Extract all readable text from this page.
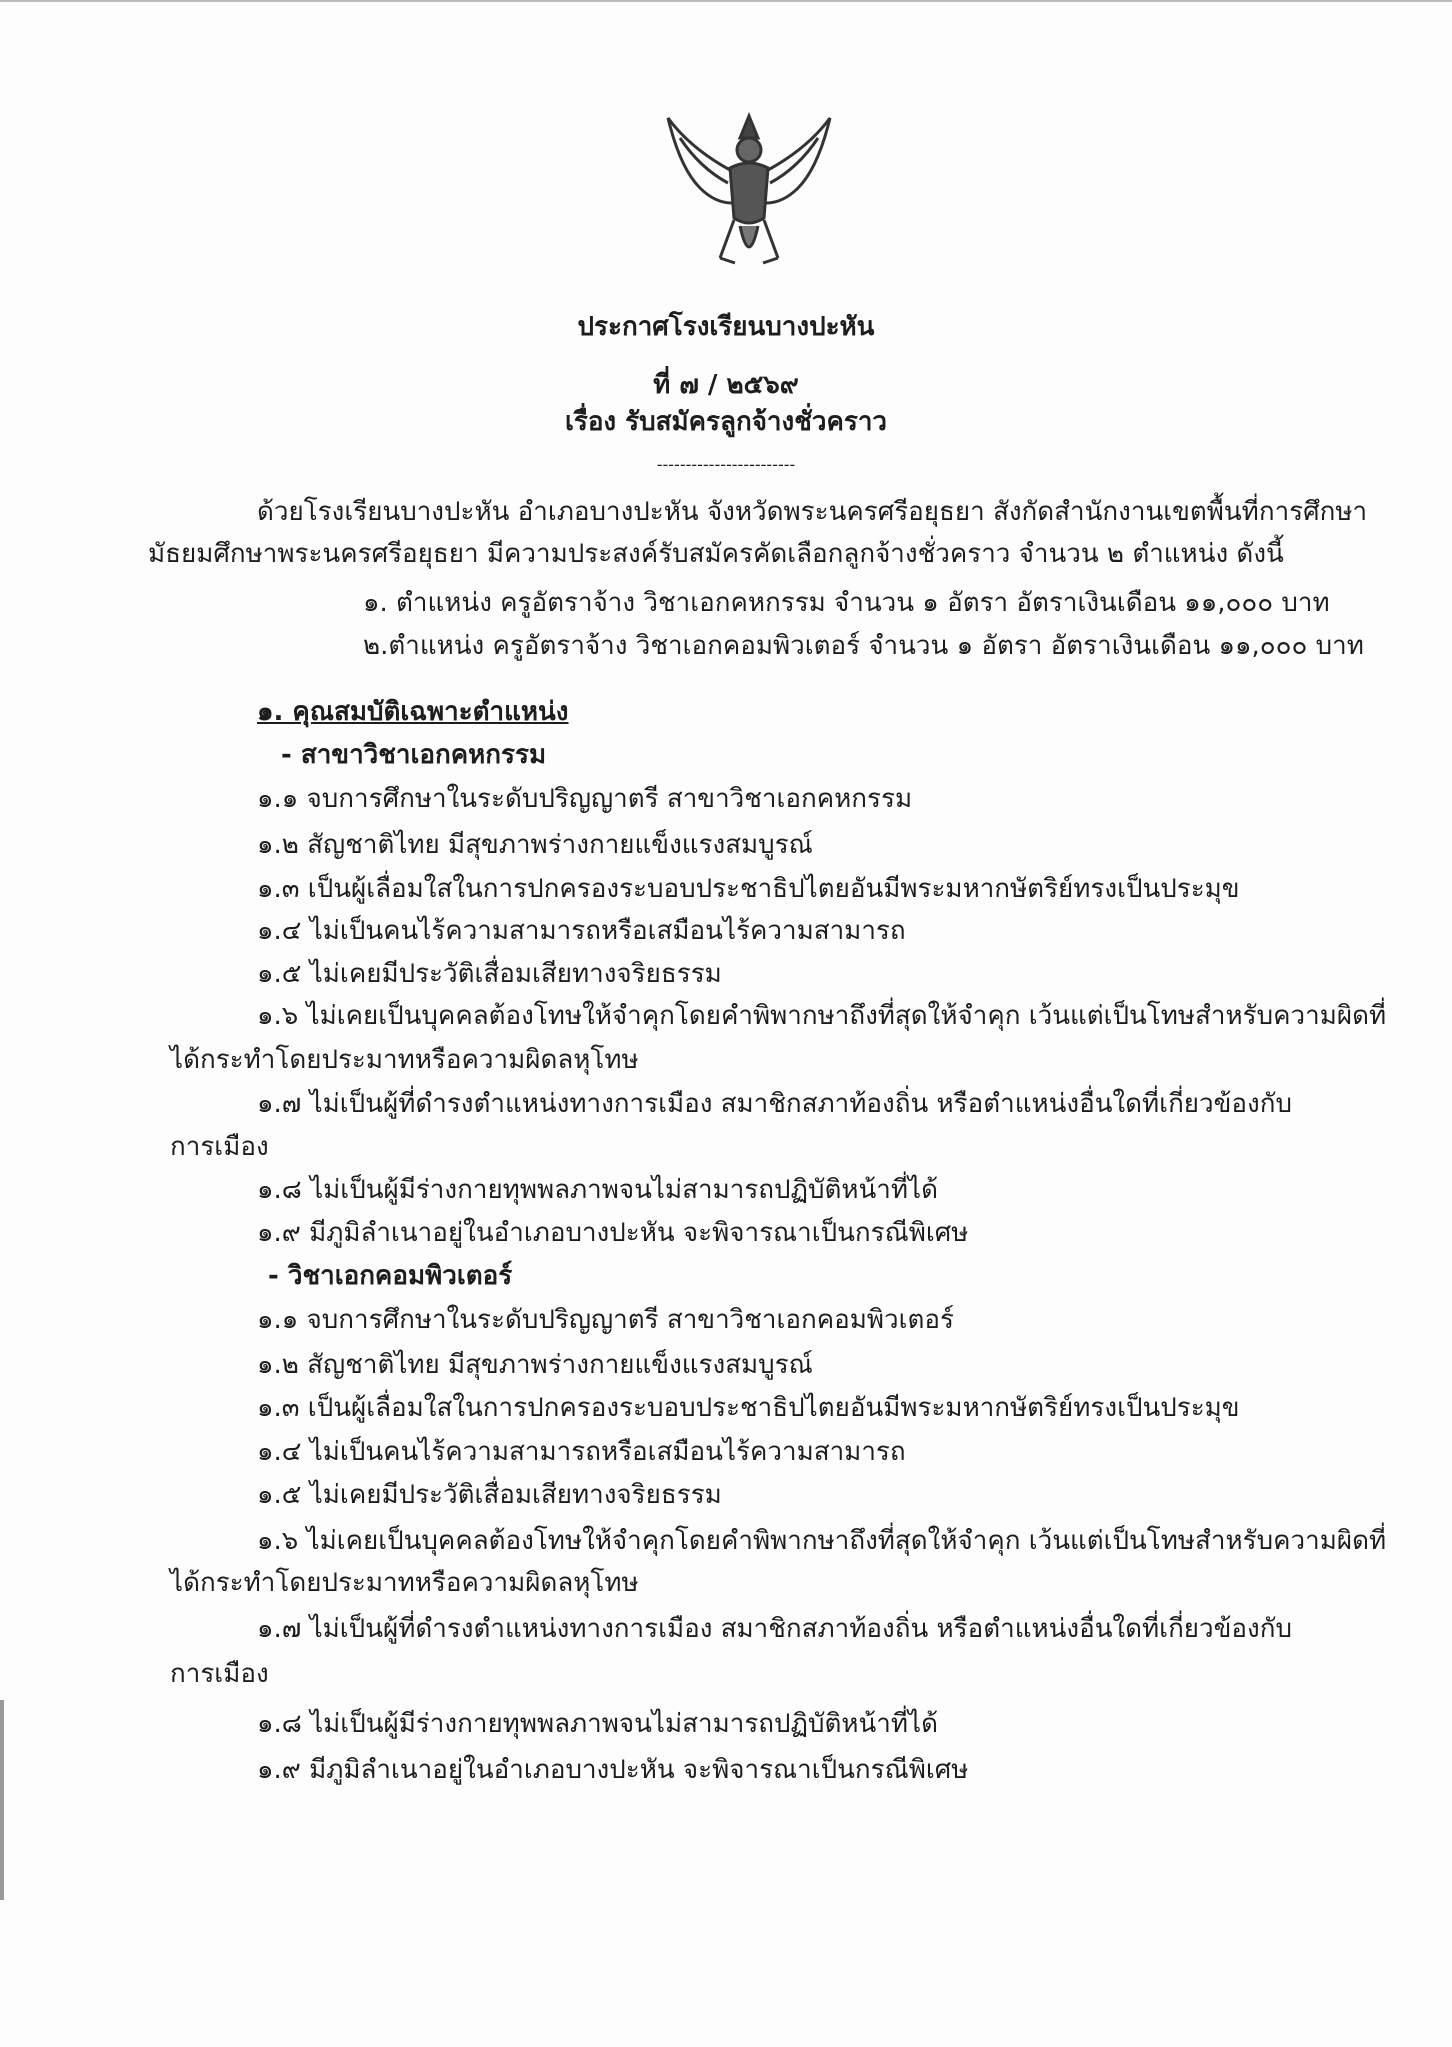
ประกาศโรงเรียนบางปะหัน
ที่ ๗ / ๒๕๖๙
เรื่อง รับสมัครลูกจ้างชั่วคราว
------------------------
ด้วยโรงเรียนบางปะหัน อำเภอบางปะหัน จังหวัดพระนครศรีอยุธยา สังกัดสำนักงานเขตพื้นที่การศึกษา
มัธยมศึกษาพระนครศรีอยุธยา มีความประสงค์รับสมัครคัดเลือกลูกจ้างชั่วคราว จำนวน ๒ ตำแหน่ง ดังนี้
๑. ตำแหน่ง ครูอัตราจ้าง วิชาเอกคหกรรม จำนวน ๑ อัตรา อัตราเงินเดือน ๑๑,๐๐๐ บาท
๒.ตำแหน่ง ครูอัตราจ้าง วิชาเอกคอมพิวเตอร์ จำนวน ๑ อัตรา อัตราเงินเดือน ๑๑,๐๐๐ บาท
๑. คุณสมบัติเฉพาะตำแหน่ง
- สาขาวิชาเอกคหกรรม
๑.๑ จบการศึกษาในระดับปริญญาตรี สาขาวิชาเอกคหกรรม
๑.๒ สัญชาติไทย มีสุขภาพร่างกายแข็งแรงสมบูรณ์
๑.๓ เป็นผู้เลื่อมใสในการปกครองระบอบประชาธิปไตยอันมีพระมหากษัตริย์ทรงเป็นประมุข
๑.๔ ไม่เป็นคนไร้ความสามารถหรือเสมือนไร้ความสามารถ
๑.๕ ไม่เคยมีประวัติเสื่อมเสียทางจริยธรรม
๑.๖ ไม่เคยเป็นบุคคลต้องโทษให้จำคุกโดยคำพิพากษาถึงที่สุดให้จำคุก เว้นแต่เป็นโทษสำหรับความผิดที่
ได้กระทำโดยประมาทหรือความผิดลหุโทษ
๑.๗ ไม่เป็นผู้ที่ดำรงตำแหน่งทางการเมือง สมาชิกสภาท้องถิ่น หรือตำแหน่งอื่นใดที่เกี่ยวข้องกับ
การเมือง
๑.๘ ไม่เป็นผู้มีร่างกายทุพพลภาพจนไม่สามารถปฏิบัติหน้าที่ได้
๑.๙ มีภูมิลำเนาอยู่ในอำเภอบางปะหัน จะพิจารณาเป็นกรณีพิเศษ
- วิชาเอกคอมพิวเตอร์
๑.๑ จบการศึกษาในระดับปริญญาตรี สาขาวิชาเอกคอมพิวเตอร์
๑.๒ สัญชาติไทย มีสุขภาพร่างกายแข็งแรงสมบูรณ์
๑.๓ เป็นผู้เลื่อมใสในการปกครองระบอบประชาธิปไตยอันมีพระมหากษัตริย์ทรงเป็นประมุข
๑.๔ ไม่เป็นคนไร้ความสามารถหรือเสมือนไร้ความสามารถ
๑.๕ ไม่เคยมีประวัติเสื่อมเสียทางจริยธรรม
๑.๖ ไม่เคยเป็นบุคคลต้องโทษให้จำคุกโดยคำพิพากษาถึงที่สุดให้จำคุก เว้นแต่เป็นโทษสำหรับความผิดที่
ได้กระทำโดยประมาทหรือความผิดลหุโทษ
๑.๗ ไม่เป็นผู้ที่ดำรงตำแหน่งทางการเมือง สมาชิกสภาท้องถิ่น หรือตำแหน่งอื่นใดที่เกี่ยวข้องกับ
การเมือง
๑.๘ ไม่เป็นผู้มีร่างกายทุพพลภาพจนไม่สามารถปฏิบัติหน้าที่ได้
๑.๙ มีภูมิลำเนาอยู่ในอำเภอบางปะหัน จะพิจารณาเป็นกรณีพิเศษ
